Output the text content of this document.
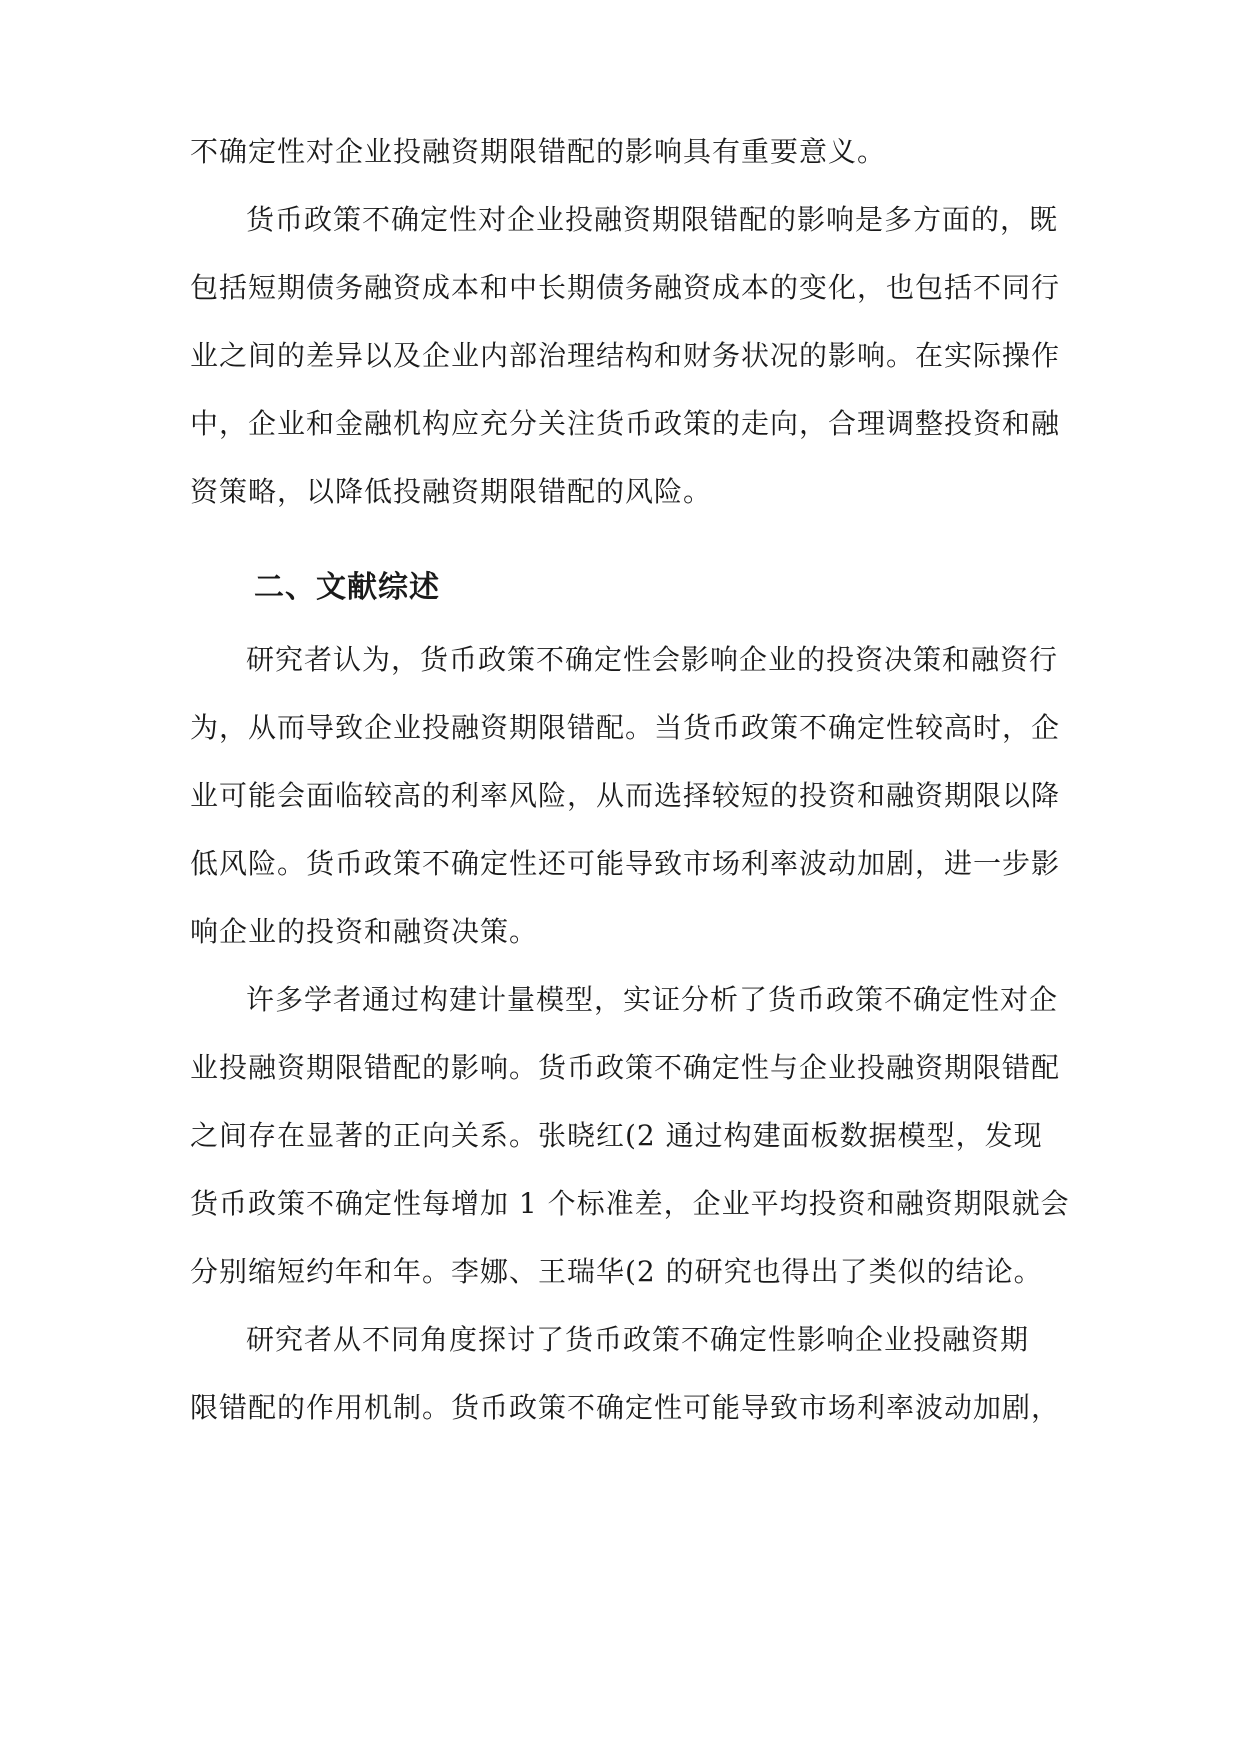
不确定性对企业投融资期限错配的影响具有重要意义。
货币政策不确定性对企业投融资期限错配的影响是多方面的，既
包括短期债务融资成本和中长期债务融资成本的变化，也包括不同行
业之间的差异以及企业内部治理结构和财务状况的影响。在实际操作
中，企业和金融机构应充分关注货币政策的走向，合理调整投资和融
资策略，以降低投融资期限错配的风险。
二、文献综述
研究者认为，货币政策不确定性会影响企业的投资决策和融资行
为，从而导致企业投融资期限错配。当货币政策不确定性较高时，企
业可能会面临较高的利率风险，从而选择较短的投资和融资期限以降
低风险。货币政策不确定性还可能导致市场利率波动加剧，进一步影
响企业的投资和融资决策。
许多学者通过构建计量模型，实证分析了货币政策不确定性对企
业投融资期限错配的影响。货币政策不确定性与企业投融资期限错配
之间存在显著的正向关系。张晓红(2 通过构建面板数据模型，发现
货币政策不确定性每增加 1 个标准差，企业平均投资和融资期限就会
分别缩短约年和年。李娜、王瑞华(2 的研究也得出了类似的结论。
研究者从不同角度探讨了货币政策不确定性影响企业投融资期
限错配的作用机制。货币政策不确定性可能导致市场利率波动加剧，
